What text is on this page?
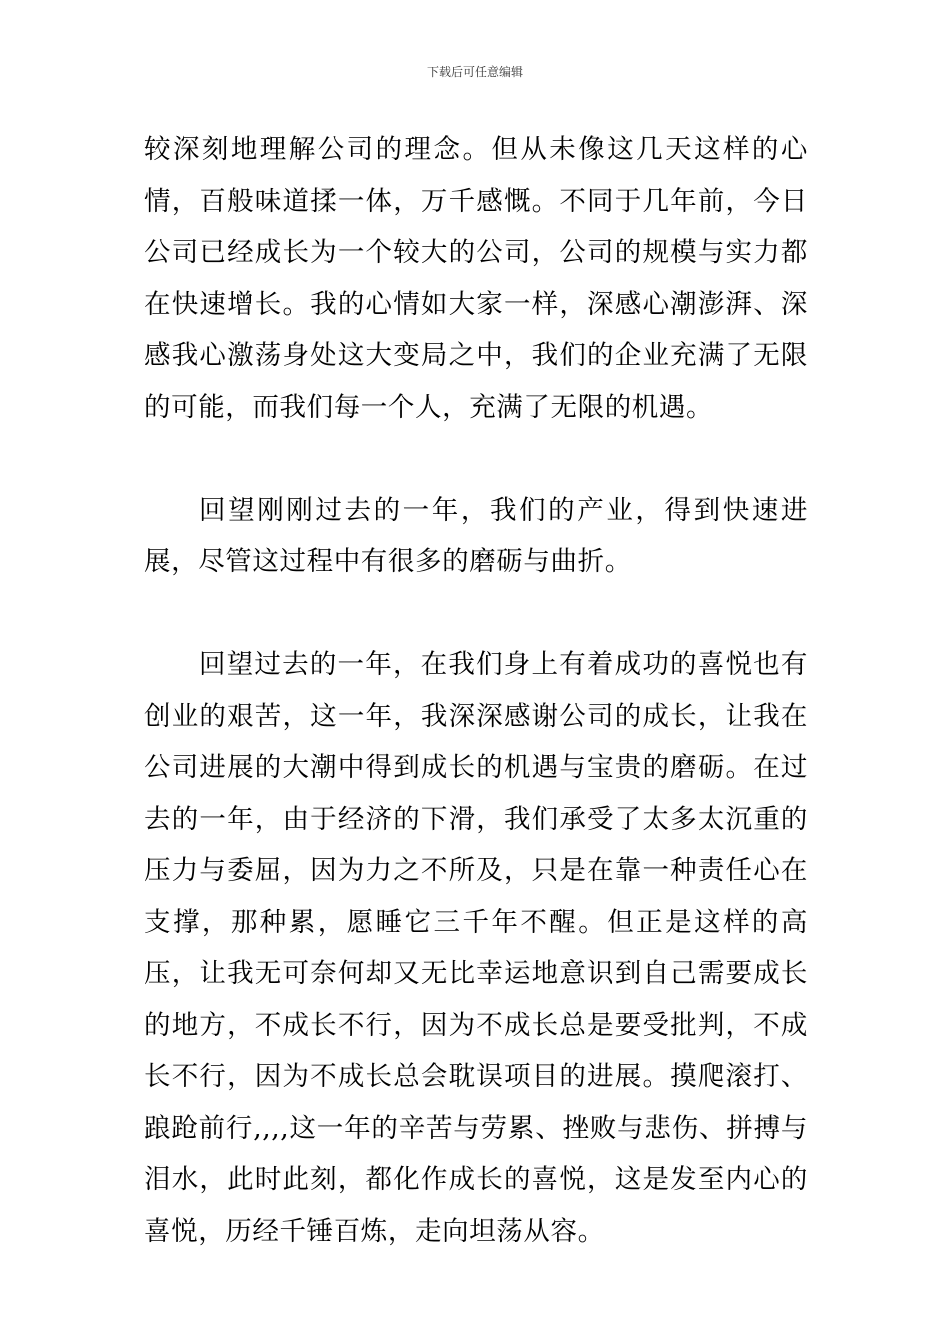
下载后可任意编辑

较深刻地理解公司的理念。但从未像这几天这样的心情，百般味道揉一体，万千感慨。不同于几年前，今日公司已经成长为一个较大的公司，公司的规模与实力都在快速增长。我的心情如大家一样，深感心潮澎湃、深感我心激荡身处这大变局之中，我们的企业充满了无限的可能，而我们每一个人，充满了无限的机遇。

回望刚刚过去的一年，我们的产业，得到快速进展，尽管这过程中有很多的磨砺与曲折。

回望过去的一年，在我们身上有着成功的喜悦也有创业的艰苦，这一年，我深深感谢公司的成长，让我在公司进展的大潮中得到成长的机遇与宝贵的磨砺。在过去的一年，由于经济的下滑，我们承受了太多太沉重的压力与委屈，因为力之不所及，只是在靠一种责任心在支撑，那种累，愿睡它三千年不醒。但正是这样的高压，让我无可奈何却又无比幸运地意识到自己需要成长的地方，不成长不行，因为不成长总是要受批判，不成长不行，因为不成长总会耽误项目的进展。摸爬滚打、踉跄前行,,,,这一年的辛苦与劳累、挫败与悲伤、拼搏与泪水，此时此刻，都化作成长的喜悦，这是发至内心的喜悦，历经千锤百炼，走向坦荡从容。
